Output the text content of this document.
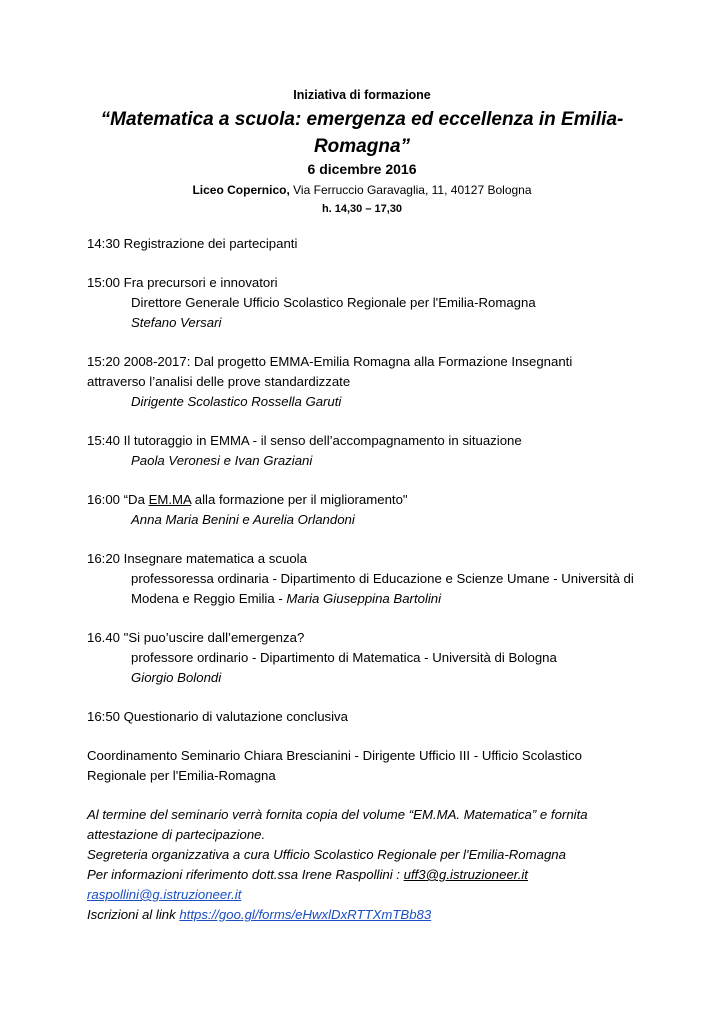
Iniziativa di formazione
“Matematica a scuola: emergenza ed eccellenza in Emilia-
Romagna”
6 dicembre 2016
Liceo Copernico, Via Ferruccio Garavaglia, 11, 40127 Bologna
h. 14,30 – 17,30
14:30 Registrazione dei partecipanti
15:00 Fra precursori e innovatori
Direttore Generale Ufficio Scolastico Regionale per l'Emilia-Romagna
Stefano Versari
15:20 2008-2017: Dal progetto EMMA-Emilia Romagna alla Formazione Insegnanti
attraverso l’analisi delle prove standardizzate
Dirigente Scolastico Rossella Garuti
15:40 Il tutoraggio in EMMA - il senso dell’accompagnamento in situazione
Paola Veronesi e Ivan Graziani
16:00 “Da EM.MA alla formazione per il miglioramento"
Anna Maria Benini e Aurelia Orlandoni
16:20 Insegnare matematica a scuola
professoressa ordinaria - Dipartimento di Educazione e Scienze Umane - Università di
Modena e Reggio Emilia - Maria Giuseppina Bartolini
16.40 "Si puo’uscire dall’emergenza?
professore ordinario - Dipartimento di Matematica - Università di Bologna
Giorgio Bolondi
16:50 Questionario di valutazione conclusiva
Coordinamento Seminario Chiara Brescianini - Dirigente Ufficio III - Ufficio Scolastico
Regionale per l'Emilia-Romagna
Al termine del seminario verrà fornita copia del volume “EM.MA. Matematica” e fornita
attestazione di partecipazione.
Segreteria organizzativa a cura Ufficio Scolastico Regionale per l'Emilia-Romagna
Per informazioni riferimento dott.ssa Irene Raspollini : uff3@g.istruzioneer.it
raspollini@g.istruzioneer.it
Iscrizioni al link https://goo.gl/forms/eHwxlDxRTTXmTBb83
